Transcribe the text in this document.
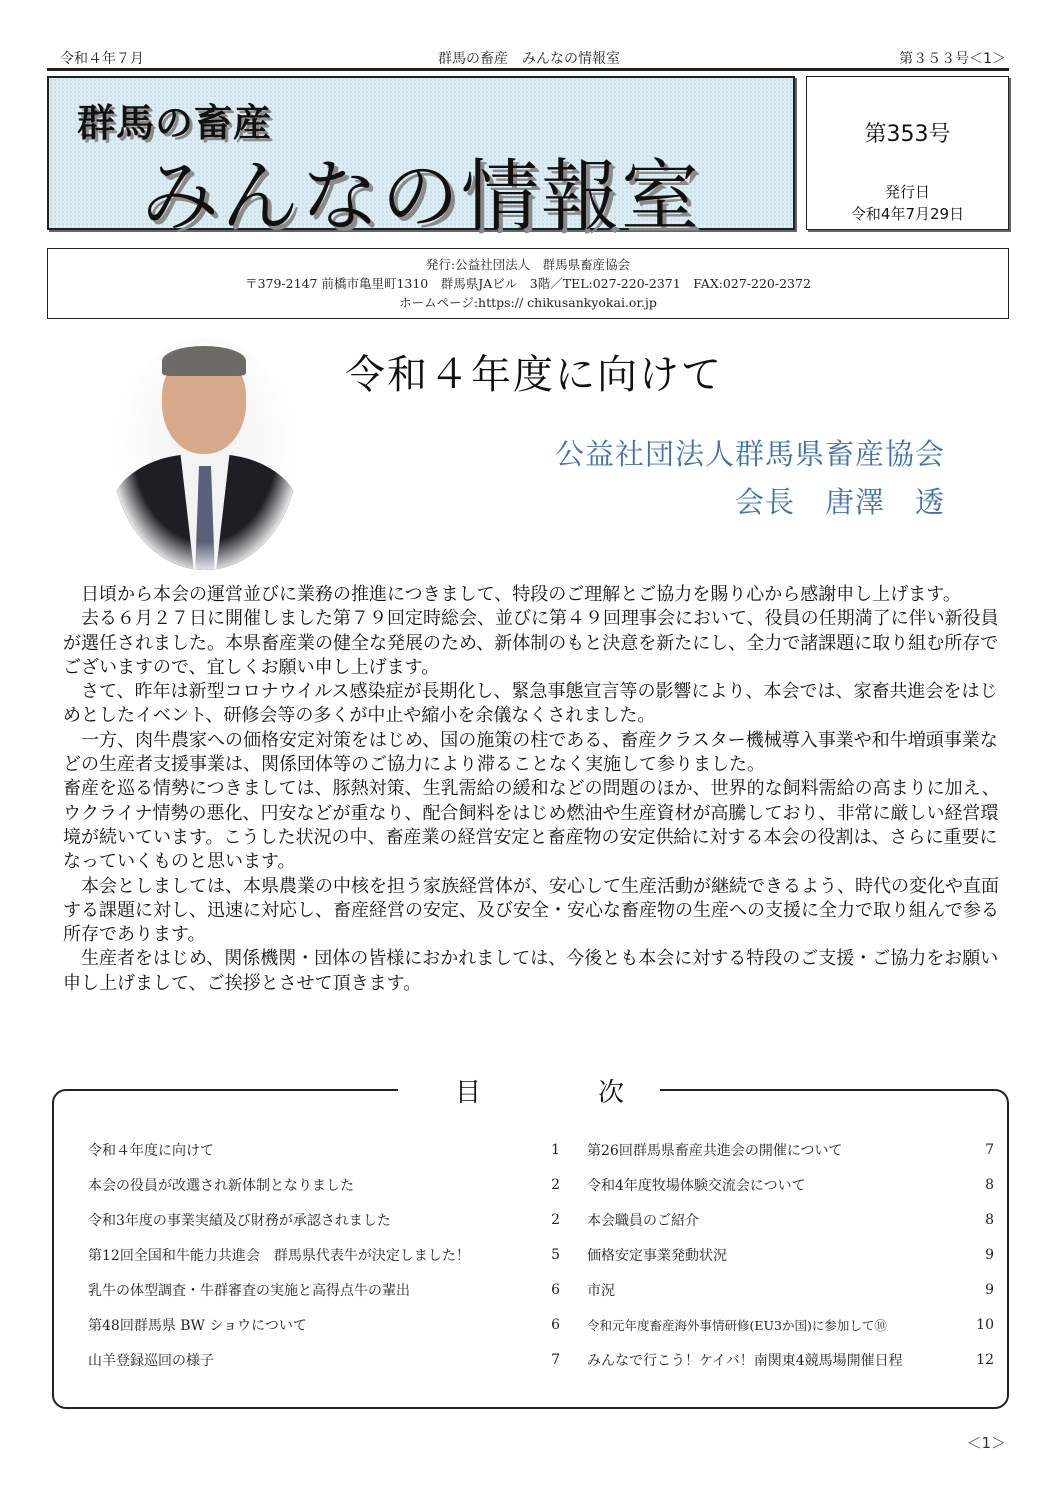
令和４年７月	群馬の畜産　みんなの情報室	第３５３号＜1＞
群馬の畜産
みんなの情報室
第353号
発行日
令和4年7月29日
発行:公益社団法人　群馬県畜産協会
〒379-2147 前橋市亀里町1310　群馬県JAビル　3階／TEL:027-220-2371　FAX:027-220-2372
ホームページ:https:// chikusankyokai.or.jp
令和４年度に向けて
公益社団法人群馬県畜産協会
会長　唐澤　透

日頃から本会の運営並びに業務の推進につきまして、特段のご理解とご協力を賜り心から感謝申し上げます。

去る６月２７日に開催しました第７９回定時総会、並びに第４９回理事会において、役員の任期満了に伴い新役員が選任されました。本県畜産業の健全な発展のため、新体制のもと決意を新たにし、全力で諸課題に取り組む所存でございますので、宜しくお願い申し上げます。

さて、昨年は新型コロナウイルス感染症が長期化し、緊急事態宣言等の影響により、本会では、家畜共進会をはじめとしたイベント、研修会等の多くが中止や縮小を余儀なくされました。

一方、肉牛農家への価格安定対策をはじめ、国の施策の柱である、畜産クラスター機械導入事業や和牛増頭事業などの生産者支援事業は、関係団体等のご協力により滞ることなく実施して参りました。

畜産を巡る情勢につきましては、豚熱対策、生乳需給の緩和などの問題のほか、世界的な飼料需給の高まりに加え、ウクライナ情勢の悪化、円安などが重なり、配合飼料をはじめ燃油や生産資材が高騰しており、非常に厳しい経営環境が続いています。こうした状況の中、畜産業の経営安定と畜産物の安定供給に対する本会の役割は、さらに重要になっていくものと思います。

本会としましては、本県農業の中核を担う家族経営体が、安心して生産活動が継続できるよう、時代の変化や直面する課題に対し、迅速に対応し、畜産経営の安定、及び安全・安心な畜産物の生産への支援に全力で取り組んで参る所存であります。

生産者をはじめ、関係機関・団体の皆様におかれましては、今後とも本会に対する特段のご支援・ご協力をお願い申し上げまして、ご挨拶とさせて頂きます。

目	次
令和４年度に向けて	1
本会の役員が改選され新体制となりました	2
令和3年度の事業実績及び財務が承認されました	2
第12回全国和牛能力共進会　群馬県代表牛が決定しました！	5
乳牛の体型調査・牛群審査の実施と高得点牛の輩出	6
第48回群馬県 BW ショウについて	6
山羊登録巡回の様子	7
第26回群馬県畜産共進会の開催について	7
令和4年度牧場体験交流会について	8
本会職員のご紹介	8
価格安定事業発動状況	9
市況	9
令和元年度畜産海外事情研修(EU3か国)に参加して⑩	10
みんなで行こう！ケイバ！南関東4競馬場開催日程	12
＜1＞
